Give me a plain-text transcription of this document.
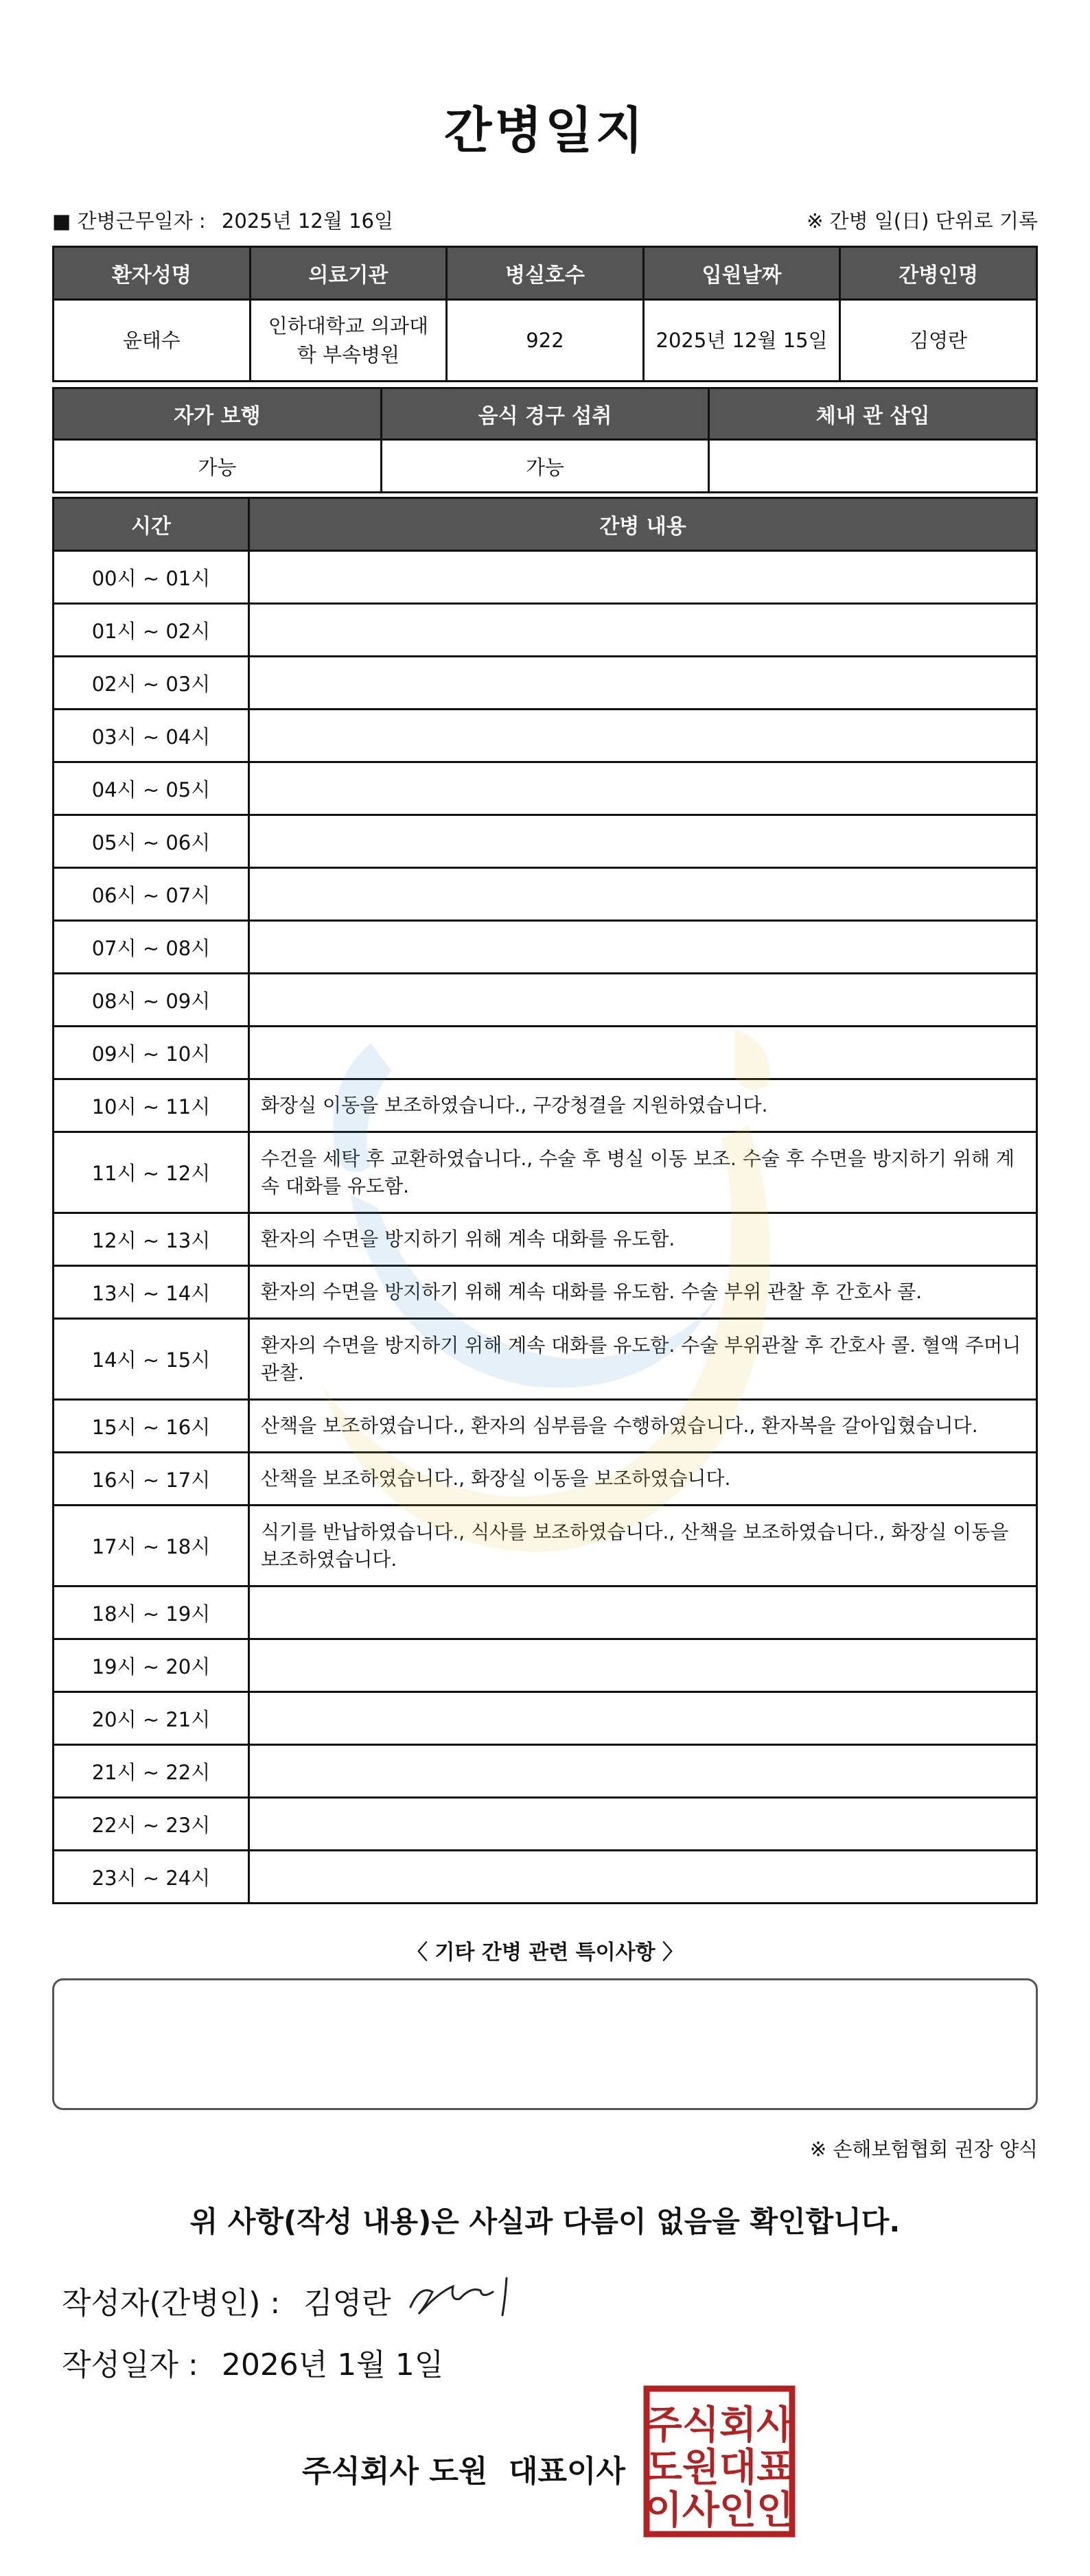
간병일지
■ 간병근무일자 : 2025년 12월 16일	※ 간병 일(日) 단위로 기록
환자성명	의료기관	병실호수	입원날짜	간병인명
윤태수	인하대학교 의과대학 부속병원	922	2025년 12월 15일	김영란
자가 보행	음식 경구 섭취	체내 관 삽입
가능	가능	
시간	간병 내용
00시 ~ 01시	
01시 ~ 02시	
02시 ~ 03시	
03시 ~ 04시	
04시 ~ 05시	
05시 ~ 06시	
06시 ~ 07시	
07시 ~ 08시	
08시 ~ 09시	
09시 ~ 10시	
10시 ~ 11시	화장실 이동을 보조하였습니다., 구강청결을 지원하였습니다.
11시 ~ 12시	수건을 세탁 후 교환하였습니다., 수술 후 병실 이동 보조. 수술 후 수면을 방지하기 위해 계속 대화를 유도함.
12시 ~ 13시	환자의 수면을 방지하기 위해 계속 대화를 유도함.
13시 ~ 14시	환자의 수면을 방지하기 위해 계속 대화를 유도함. 수술 부위 관찰 후 간호사 콜.
14시 ~ 15시	환자의 수면을 방지하기 위해 계속 대화를 유도함. 수술 부위관찰 후 간호사 콜. 혈액 주머니 관찰.
15시 ~ 16시	산책을 보조하였습니다., 환자의 심부름을 수행하였습니다., 환자복을 갈아입혔습니다.
16시 ~ 17시	산책을 보조하였습니다., 화장실 이동을 보조하였습니다.
17시 ~ 18시	식기를 반납하였습니다., 식사를 보조하였습니다., 산책을 보조하였습니다., 화장실 이동을 보조하였습니다.
18시 ~ 19시	
19시 ~ 20시	
20시 ~ 21시	
21시 ~ 22시	
22시 ~ 23시	
23시 ~ 24시	
〈 기타 간병 관련 특이사항 〉
※ 손해보험협회 권장 양식
위 사항(작성 내용)은 사실과 다름이 없음을 확인합니다.
작성자(간병인) : 김영란
작성일자 : 2026년 1월 1일
주식회사 도원  대표이사
주식회사
도원대표
이사인인
